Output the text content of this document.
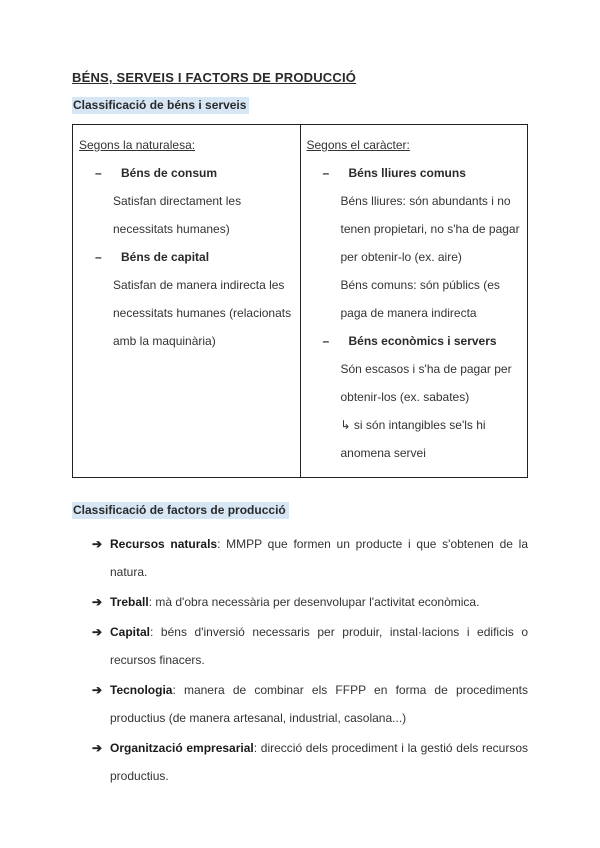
BÉNS, SERVEIS I FACTORS DE PRODUCCIÓ
Classificació de béns i serveis
Segons la naturalesa:
– Béns de consum
Satisfan directament les necessitats humanes)
– Béns de capital
Satisfan de manera indirecta les necessitats humanes (relacionats amb la maquinària)

Segons el caràcter:
– Béns lliures comuns
Béns lliures: són abundants i no tenen propietari, no s'ha de pagar per obtenir-lo (ex. aire)
Béns comuns: són públics (es paga de manera indirecta
– Béns econòmics i servers
Són escasos i s'ha de pagar per obtenir-los (ex. sabates)
↳ si són intangibles se'ls hi anomena servei
Classificació de factors de producció
➔ Recursos naturals: MMPP que formen un producte i que s'obtenen de la natura.
➔ Treball: mà d'obra necessària per desenvolupar l'activitat econòmica.
➔ Capital: béns d'inversió necessaris per produir, instal·lacions i edificis o recursos finacers.
➔ Tecnologia: manera de combinar els FFPP en forma de procediments productius (de manera artesanal, industrial, casolana...)
➔ Organització empresarial: direcció dels procediment i la gestió dels recursos productius.
